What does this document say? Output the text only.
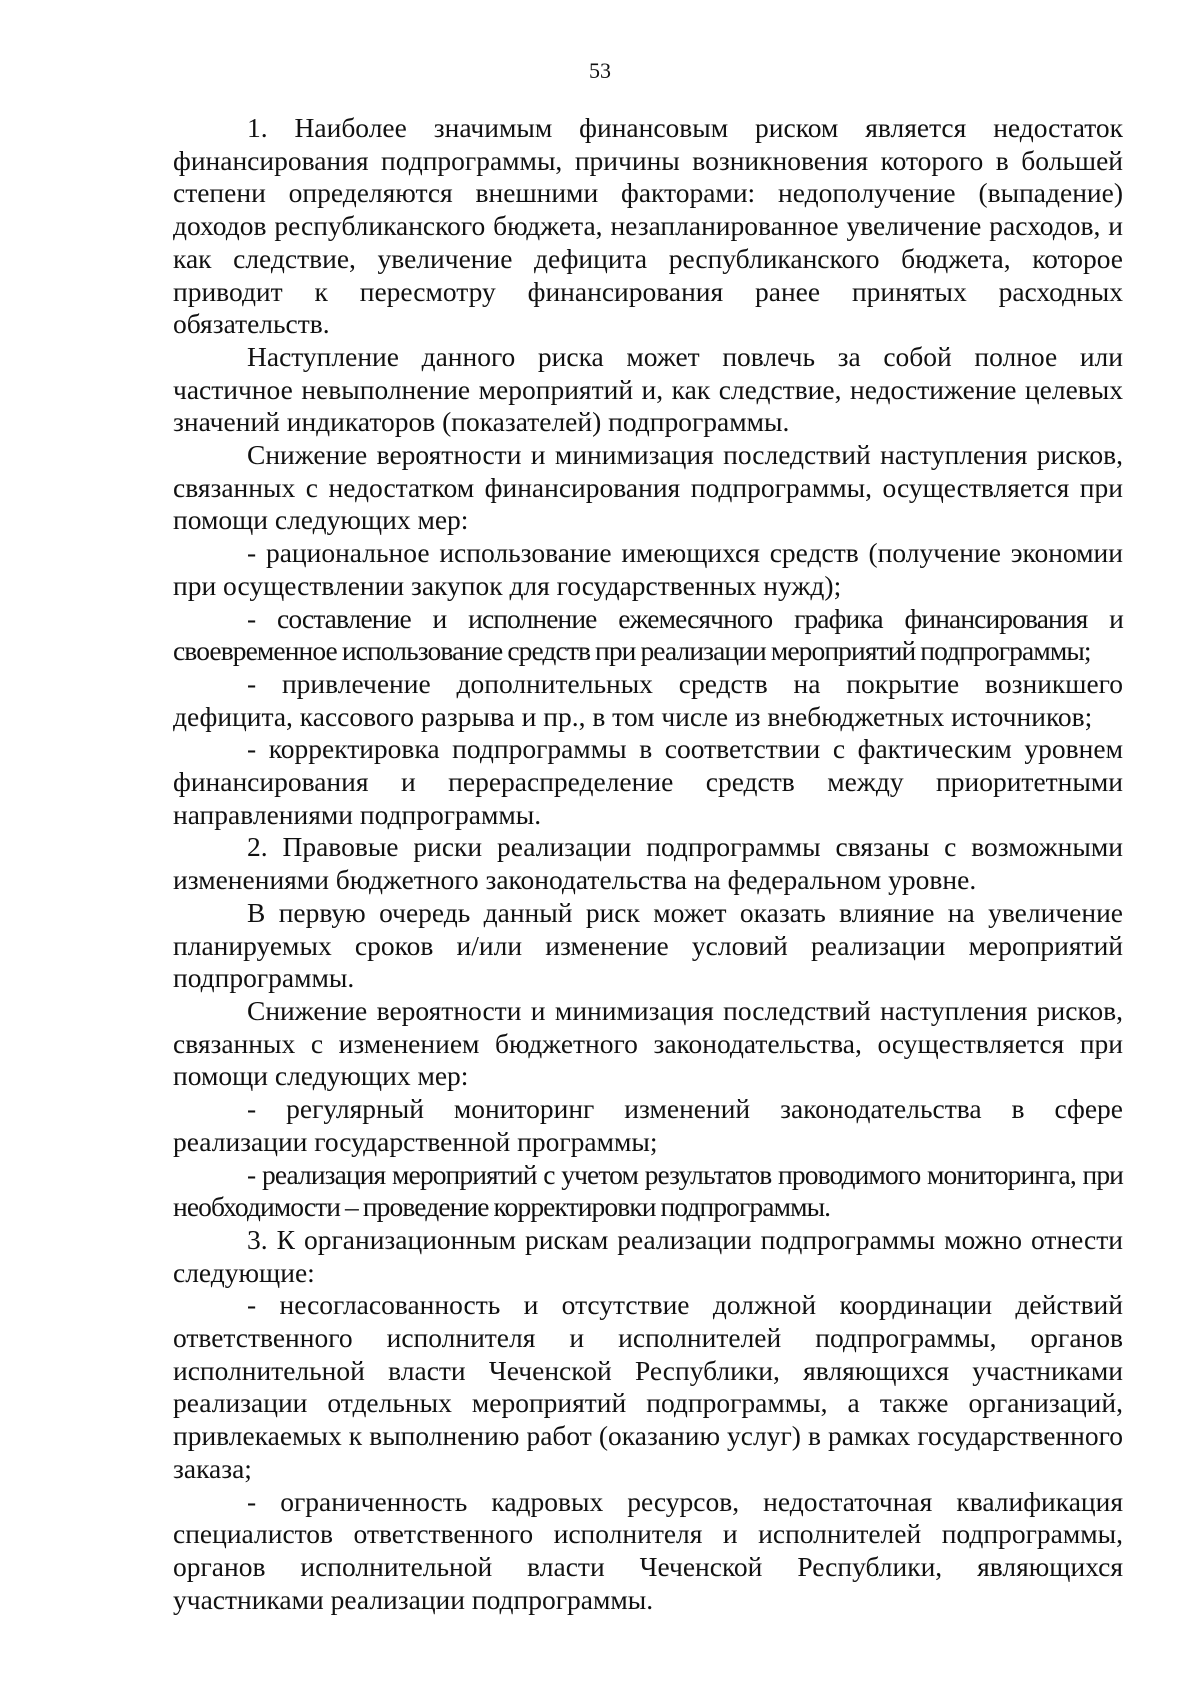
53

1. Наиболее значимым финансовым риском является недостаток финансирования подпрограммы, причины возникновения которого в большей степени определяются внешними факторами: недополучение (выпадение) доходов республиканского бюджета, незапланированное увеличение расходов, и как следствие, увеличение дефицита республиканского бюджета, которое приводит к пересмотру финансирования ранее принятых расходных обязательств.

Наступление данного риска может повлечь за собой полное или частичное невыполнение мероприятий и, как следствие, недостижение целевых значений индикаторов (показателей) подпрограммы.

Снижение вероятности и минимизация последствий наступления рисков, связанных с недостатком финансирования подпрограммы, осуществляется при помощи следующих мер:

- рациональное использование имеющихся средств (получение экономии при осуществлении закупок для государственных нужд);

- составление и исполнение ежемесячного графика финансирования и своевременное использование средств при реализации мероприятий подпрограммы;

- привлечение дополнительных средств на покрытие возникшего дефицита, кассового разрыва и пр., в том числе из внебюджетных источников;

- корректировка подпрограммы в соответствии с фактическим уровнем финансирования и перераспределение средств между приоритетными направлениями подпрограммы.

2. Правовые риски реализации подпрограммы связаны с возможными изменениями бюджетного законодательства на федеральном уровне.

В первую очередь данный риск может оказать влияние на увеличение планируемых сроков и/или изменение условий реализации мероприятий подпрограммы.

Снижение вероятности и минимизация последствий наступления рисков, связанных с изменением бюджетного законодательства, осуществляется при помощи следующих мер:

- регулярный мониторинг изменений законодательства в сфере реализации государственной программы;

- реализация мероприятий с учетом результатов проводимого мониторинга, при необходимости – проведение корректировки подпрограммы.

3. К организационным рискам реализации подпрограммы можно отнести следующие:

- несогласованность и отсутствие должной координации действий ответственного исполнителя и исполнителей подпрограммы, органов исполнительной власти Чеченской Республики, являющихся участниками реализации отдельных мероприятий подпрограммы, а также организаций, привлекаемых к выполнению работ (оказанию услуг) в рамках государственного заказа;

- ограниченность кадровых ресурсов, недостаточная квалификация специалистов ответственного исполнителя и исполнителей подпрограммы, органов исполнительной власти Чеченской Республики, являющихся участниками реализации подпрограммы.
